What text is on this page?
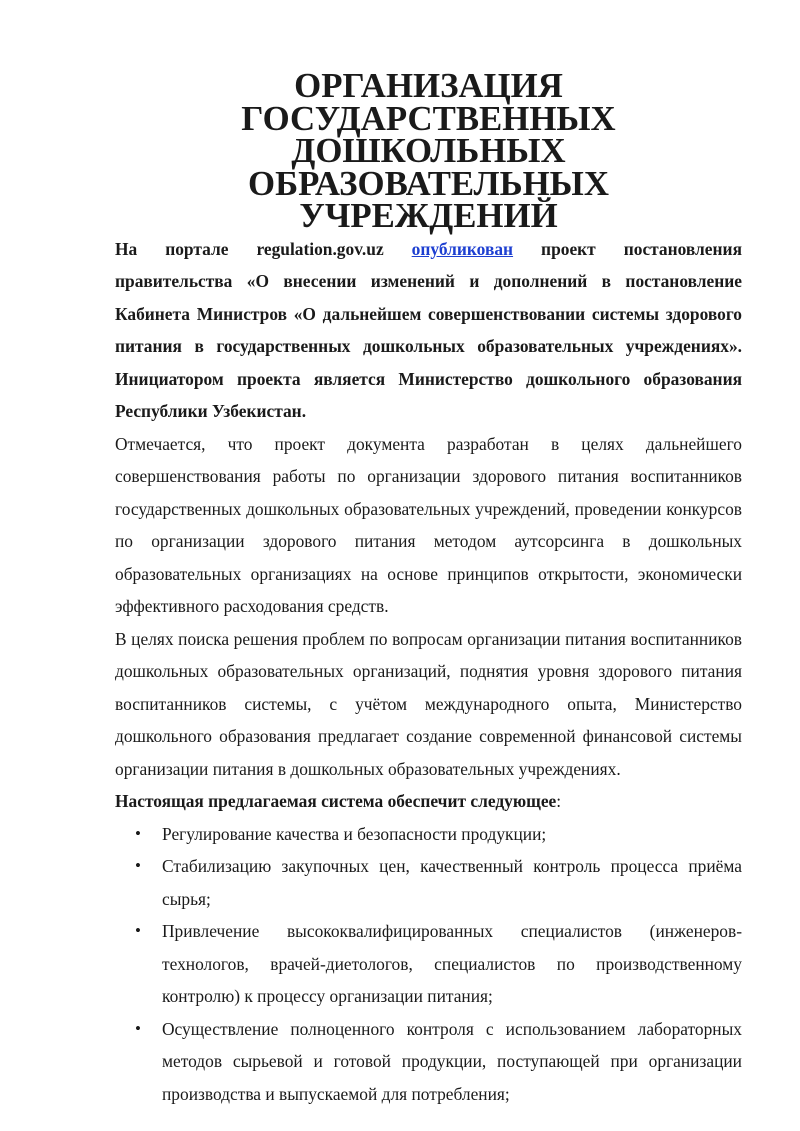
ОРГАНИЗАЦИЯ ГОСУДАРСТВЕННЫХ ДОШКОЛЬНЫХ
ОБРАЗОВАТЕЛЬНЫХ УЧРЕЖДЕНИЙ

На портале regulation.gov.uz опубликован проект постановления правительства «О внесении изменений и дополнений в постановление Кабинета Министров «О дальнейшем совершенствовании системы здорового питания в государственных дошкольных образовательных учреждениях». Инициатором проекта является Министерство дошкольного образования Республики Узбекистан.

Отмечается, что проект документа разработан в целях дальнейшего совершенствования работы по организации здорового питания воспитанников государственных дошкольных образовательных учреждений, проведении конкурсов по организации здорового питания методом аутсорсинга в дошкольных образовательных организациях на основе принципов открытости, экономически эффективного расходования средств.

В целях поиска решения проблем по вопросам организации питания воспитанников дошкольных образовательных организаций, поднятия уровня здорового питания воспитанников системы, с учётом международного опыта, Министерство дошкольного образования предлагает создание современной финансовой системы организации питания в дошкольных образовательных учреждениях.

Настоящая предлагаемая система обеспечит следующее:

• Регулирование качества и безопасности продукции;
• Стабилизацию закупочных цен, качественный контроль процесса приёма сырья;
• Привлечение высококвалифицированных специалистов (инженеров-технологов, врачей-диетологов, специалистов по производственному контролю) к процессу организации питания;
• Осуществление полноценного контроля с использованием лабораторных методов сырьевой и готовой продукции, поступающей при организации производства и выпускаемой для потребления;
